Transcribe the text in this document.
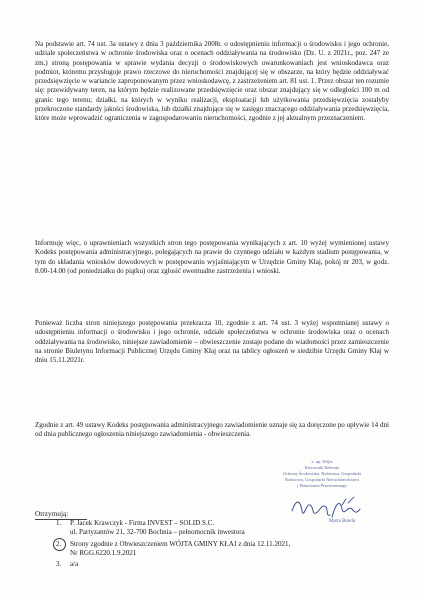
Na podstawie art. 74 ust. 3a ustawy z dnia 3 października 2008r. o udostępnieniu informacji o środowisku i jego ochronie, udziale społeczeństwa w ochronie środowiska oraz o ocenach oddziaływania na środowisko (Dz. U. z 2021r., poz. 247 ze zm.) stroną postępowania w sprawie wydania decyzji o środowiskowych uwarunkowaniach jest wnioskodawca oraz podmiot, któremu przysługuje prawo rzeczowe do nieruchomości znajdującej się w obszarze, na który będzie oddziaływać przedsięwzięcie w wariancie zaproponowanym przez wnioskodawcę, z zastrzeżeniem art. 81 ust. 1. Przez obszar ten rozumie się: przewidywany teren, na którym będzie realizowane przedsięwzięcie oraz obszar znajdujący się w odległości 100 m od granic tego terenu; działki, na których w wyniku realizacji, eksploatacji lub użytkowania przedsięwzięcia zostałyby przekroczone standardy jakości środowiska, lub działki znajdujące się w zasięgu znaczącego oddziaływania przedsięwzięcia, które może wprowadzić ograniczenia w zagospodarowaniu nieruchomości, zgodnie z jej aktualnym przeznaczeniem.

Informuję więc, o uprawnieniach wszystkich stron tego postępowania wynikających z art. 10 wyżej wymienionej ustawy Kodeks postępowania administracyjnego, polegających na prawie do czynnego udziału w każdym stadium postępowania, w tym do składania wniosków dowodowych w postępowaniu wyjaśniającym w Urzędzie Gminy Kłaj, pokój nr 203, w godz. 8.00-14.00 (od poniedziałku do piątku) oraz zgłosić ewentualne zastrzeżenia i wnioski.

Ponieważ liczba stron niniejszego postępowania przekracza 10, zgodnie z art. 74 ust. 3 wyżej wspomnianej ustawy o udostępnieniu informacji o środowisku i jego ochronie, udziale społeczeństwa w ochronie środowiska oraz o ocenach oddziaływania na środowisko, niniejsze zawiadomienie – obwieszczenie zostaje podane do wiadomości przez zamieszczenie na stronie Biuletynu Informacji Publicznej Urzędu Gminy Kłaj oraz na tablicy ogłoszeń w siedzibie Urzędu Gminy Kłaj w dniu 15.11.2021r.

Zgodnie z art. 49 ustawy Kodeks postępowania administracyjnego zawiadomienie uznaje się za doręczone po upływie 14 dni od dnia publicznego ogłoszenia niniejszego zawiadomienia - obwieszczenia.

z. up. Wójta

Kierownik Referatu

Ochrony Środowiska, Rolnictwa, Gospodarki

Rolnictwa, Gospodarki Nieruchomościami

i Planowania Przestrzennego

Marta Bonda

Otrzymują:

1. P. Jacek Krawczyk - Firma INVEST – SOLID S.C.
ul. Partyzantów 21, 32-700 Bochnia – pełnomocnik inwestora
2. Strony zgodnie z Obwieszczeniem WÓJTA GMINY KŁAJ z dnia 12.11.2021,
Nr RGG.6220.1.9.2021
3. a/a
